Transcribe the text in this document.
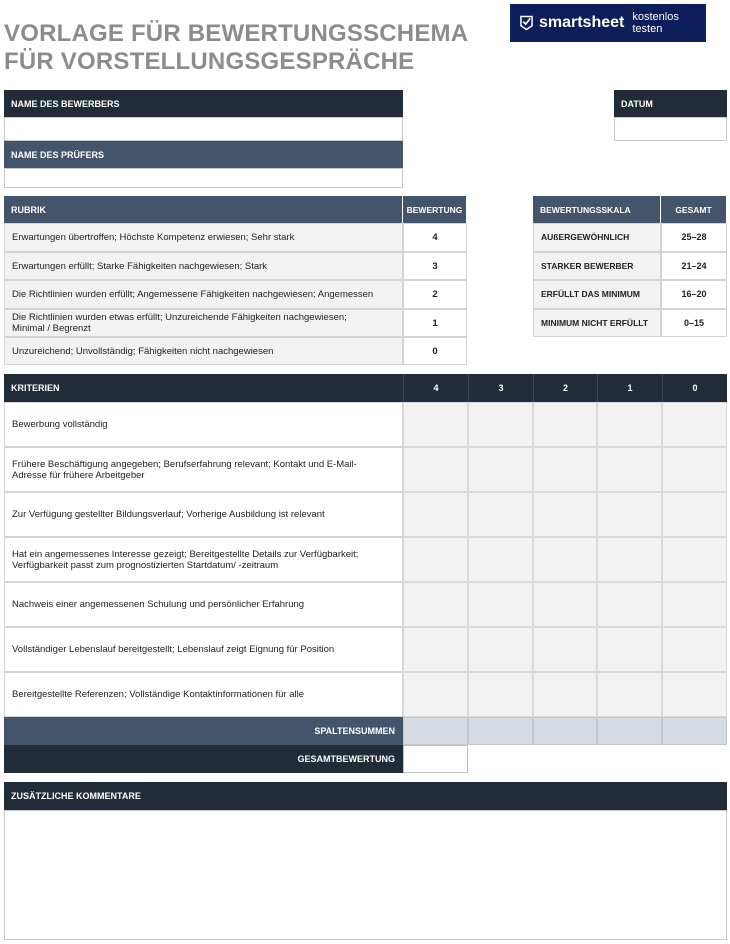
VORLAGE FÜR BEWERTUNGSSCHEMA FÜR VORSTELLUNGSGESPRÄCHE
smartsheet kostenlos testen
NAME DES BEWERBERS	DATUM
NAME DES PRÜFERS
RUBRIK	BEWERTUNG
Erwartungen übertroffen; Höchste Kompetenz erwiesen; Sehr stark	4
Erwartungen erfüllt; Starke Fähigkeiten nachgewiesen; Stark	3
Die Richtlinien wurden erfüllt; Angemessene Fähigkeiten nachgewiesen; Angemessen	2
Die Richtlinien wurden etwas erfüllt; Unzureichende Fähigkeiten nachgewiesen; Minimal / Begrenzt	1
Unzureichend; Unvollständig; Fähigkeiten nicht nachgewiesen	0
BEWERTUNGSSKALA	GESAMT
AUßERGEWÖHNLICH	25–28
STARKER BEWERBER	21–24
ERFÜLLT DAS MINIMUM	16–20
MINIMUM NICHT ERFÜLLT	0–15
KRITERIEN	4	3	2	1	0
Bewerbung vollständig
Frühere Beschäftigung angegeben; Berufserfahrung relevant; Kontakt und E-Mail-Adresse für frühere Arbeitgeber
Zur Verfügung gestellter Bildungsverlauf; Vorherige Ausbildung ist relevant
Hat ein angemessenes Interesse gezeigt; Bereitgestellte Details zur Verfügbarkeit; Verfügbarkeit passt zum prognostizierten Startdatum/ -zeitraum
Nachweis einer angemessenen Schulung und persönlicher Erfahrung
Vollständiger Lebenslauf bereitgestellt; Lebenslauf zeigt Eignung für Position
Bereitgestellte Referenzen; Vollständige Kontaktinformationen für alle
SPALTENSUMMEN
GESAMTBEWERTUNG
ZUSÄTZLICHE KOMMENTARE
